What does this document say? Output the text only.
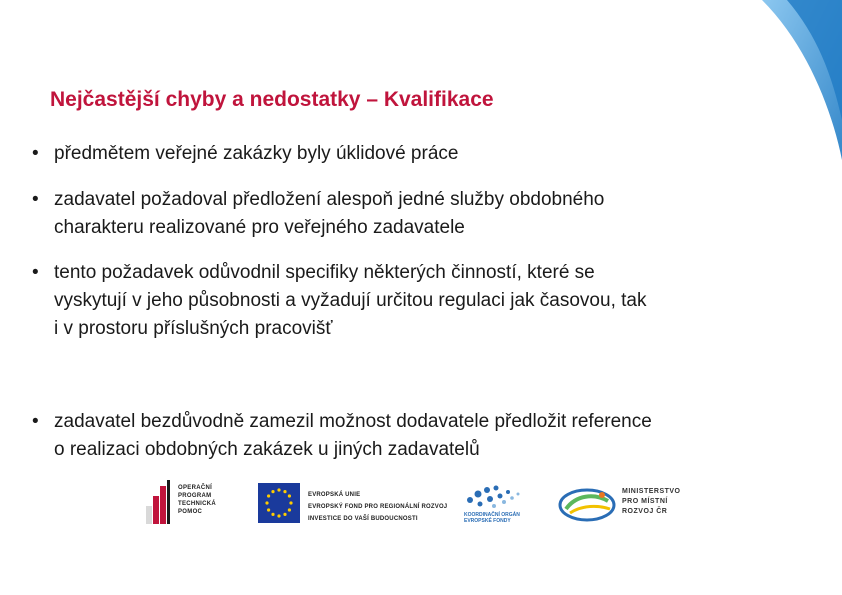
Nejčastější chyby a nedostatky – Kvalifikace
• předmětem veřejné zakázky byly úklidové práce
• zadavatel požadoval předložení alespoň jedné služby obdobného
charakteru realizované pro veřejného zadavatele
• tento požadavek odůvodnil specifiky některých činností, které se
vyskytují v jeho působnosti a vyžadují určitou regulaci jak časovou, tak
i v prostoru příslušných pracovišť
• zadavatel bezdůvodně zamezil možnost dodavatele předložit reference
o realizaci obdobných zakázek u jiných zadavatelů
OPERAČNÍ
PROGRAM
TECHNICKÁ
POMOC
EVROPSKÁ UNIE
EVROPSKÝ FOND PRO REGIONÁLNÍ ROZVOJ
INVESTICE DO VAŠÍ BUDOUCNOSTI
KOORDINAČNÍ ORGÁN
EVROPSKÉ FONDY
MINISTERSTVO
PRO MÍSTNÍ
ROZVOJ ČR
